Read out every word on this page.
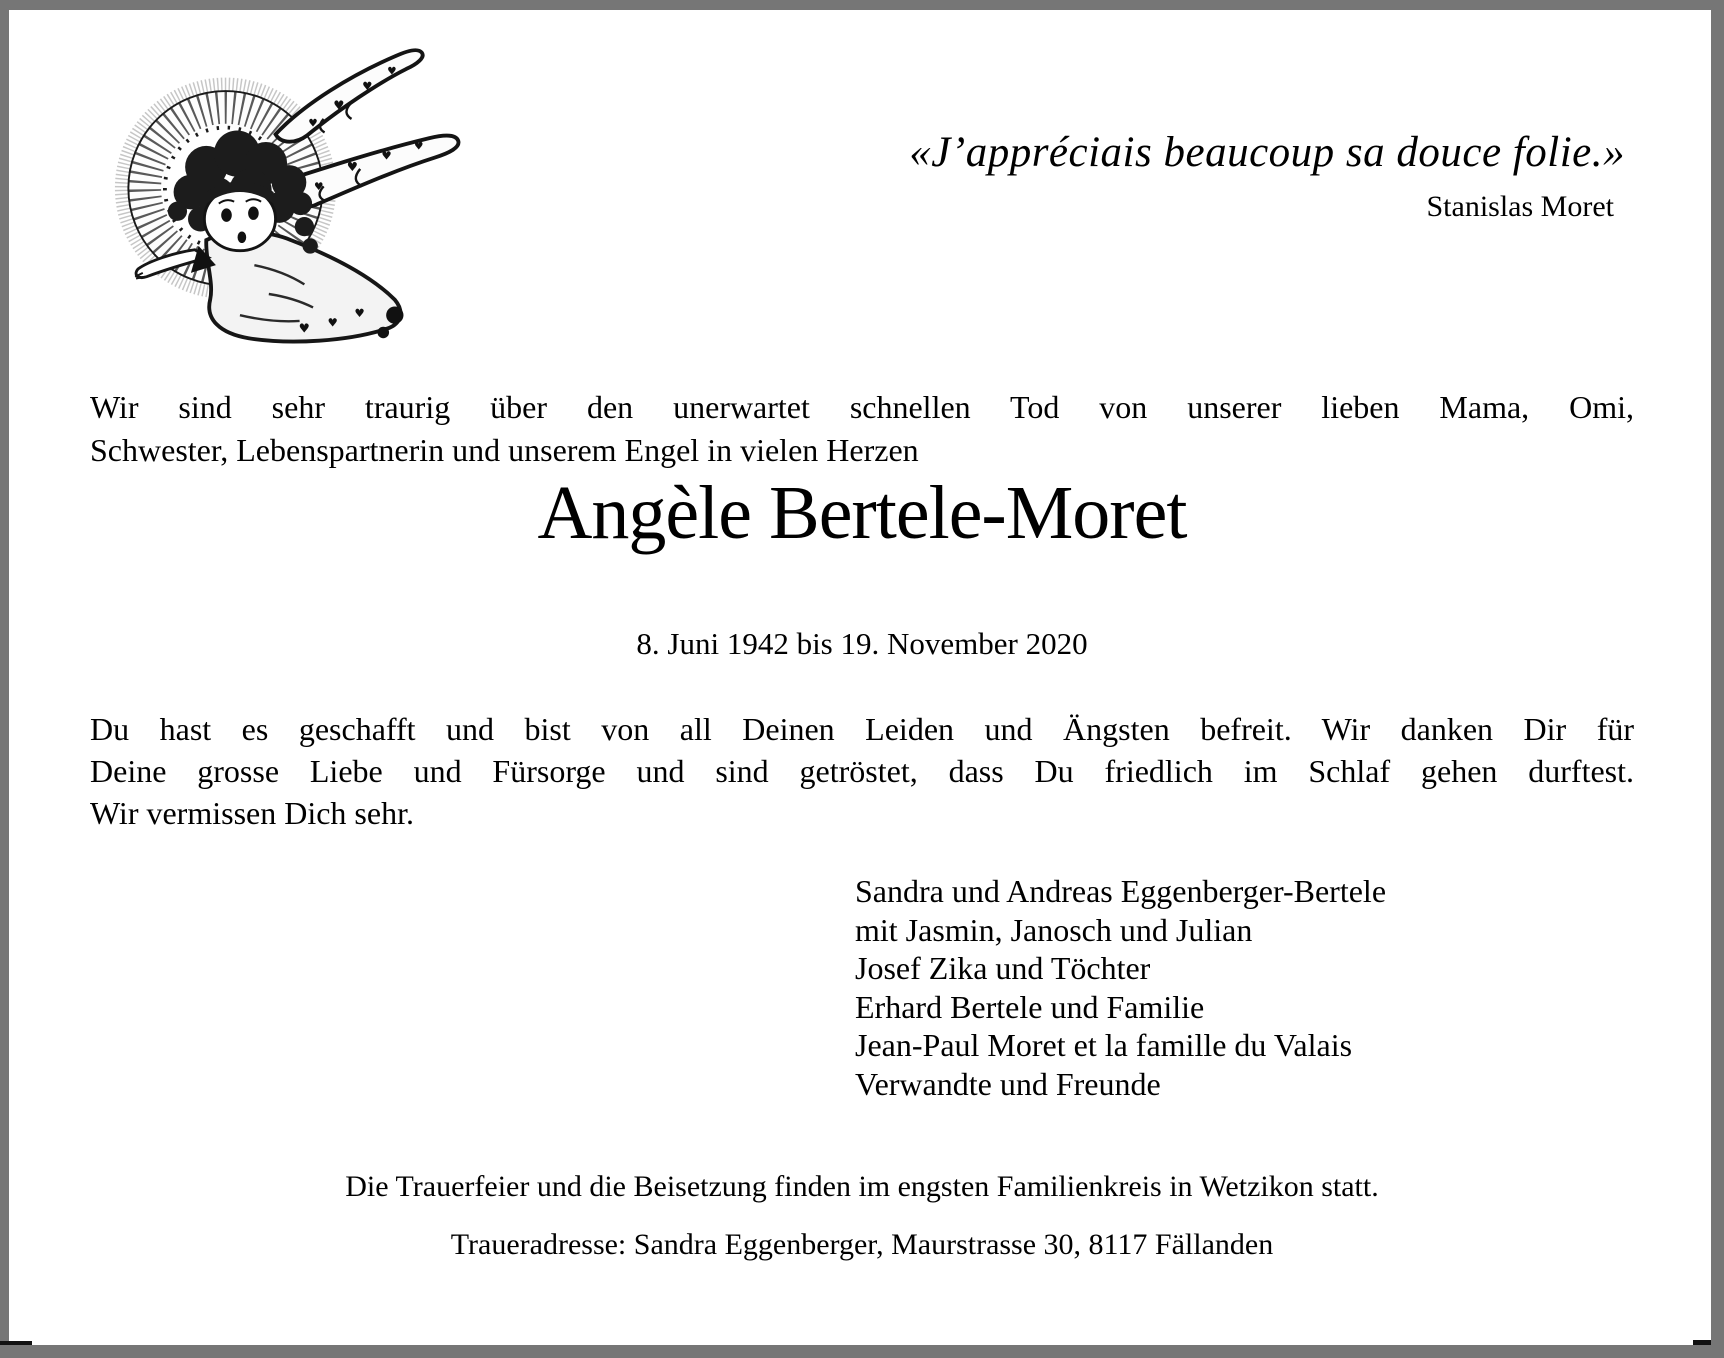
♥
♥
♥
♥
♥
♥
♥
♥
♥ ♥
♥
«J’appréciais beaucoup sa douce folie.»
Stanislas Moret
Wir sind sehr traurig über den unerwartet schnellen Tod von unserer lieben Mama, Omi,
Schwester, Lebenspartnerin und unserem Engel in vielen Herzen
Angèle Bertele-Moret
8. Juni 1942 bis 19. November 2020
Du hast es geschafft und bist von all Deinen Leiden und Ängsten befreit. Wir danken Dir für
Deine grosse Liebe und Fürsorge und sind getröstet, dass Du friedlich im Schlaf gehen durftest.
Wir vermissen Dich sehr.
Sandra und Andreas Eggenberger-Bertele
mit Jasmin, Janosch und Julian
Josef Zika und Töchter
Erhard Bertele und Familie
Jean-Paul Moret et la famille du Valais
Verwandte und Freunde
Die Trauerfeier und die Beisetzung finden im engsten Familienkreis in Wetzikon statt.
Traueradresse: Sandra Eggenberger, Maurstrasse 30, 8117 Fällanden
